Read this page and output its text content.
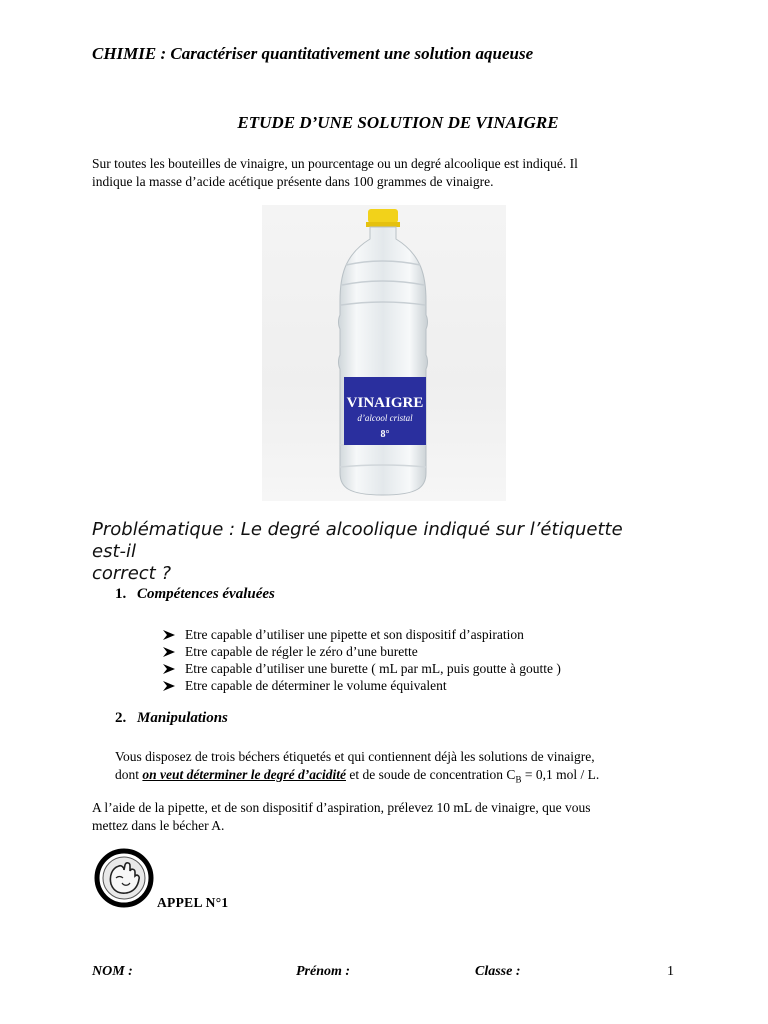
CHIMIE : Caractériser quantitativement une solution aqueuse
ETUDE D’UNE SOLUTION DE VINAIGRE
Sur toutes les bouteilles de vinaigre, un pourcentage ou un degré alcoolique est indiqué. Il
indique la masse d’acide acétique présente dans 100 grammes de vinaigre.
VINAIGRE
d’alcool cristal
8°
Problématique : Le degré alcoolique indiqué sur l’étiquette est-il
correct ?
1. Compétences évaluées
Etre capable d’utiliser une pipette et son dispositif d’aspiration
Etre capable de régler le zéro d’une burette
Etre capable d’utiliser une burette ( mL par mL, puis goutte à goutte )
Etre capable de déterminer le volume équivalent
2. Manipulations
Vous disposez de trois béchers étiquetés et qui contiennent déjà les solutions de vinaigre,
dont on veut déterminer le degré d’acidité et de soude de concentration $C_B = 0,1$ mol / L.
A l’aide de la pipette, et de son dispositif d’aspiration, prélevez 10 mL de vinaigre, que vous
mettez dans le bécher A.
APPEL N°1
NOM :	Prénom :	Classe :	1
